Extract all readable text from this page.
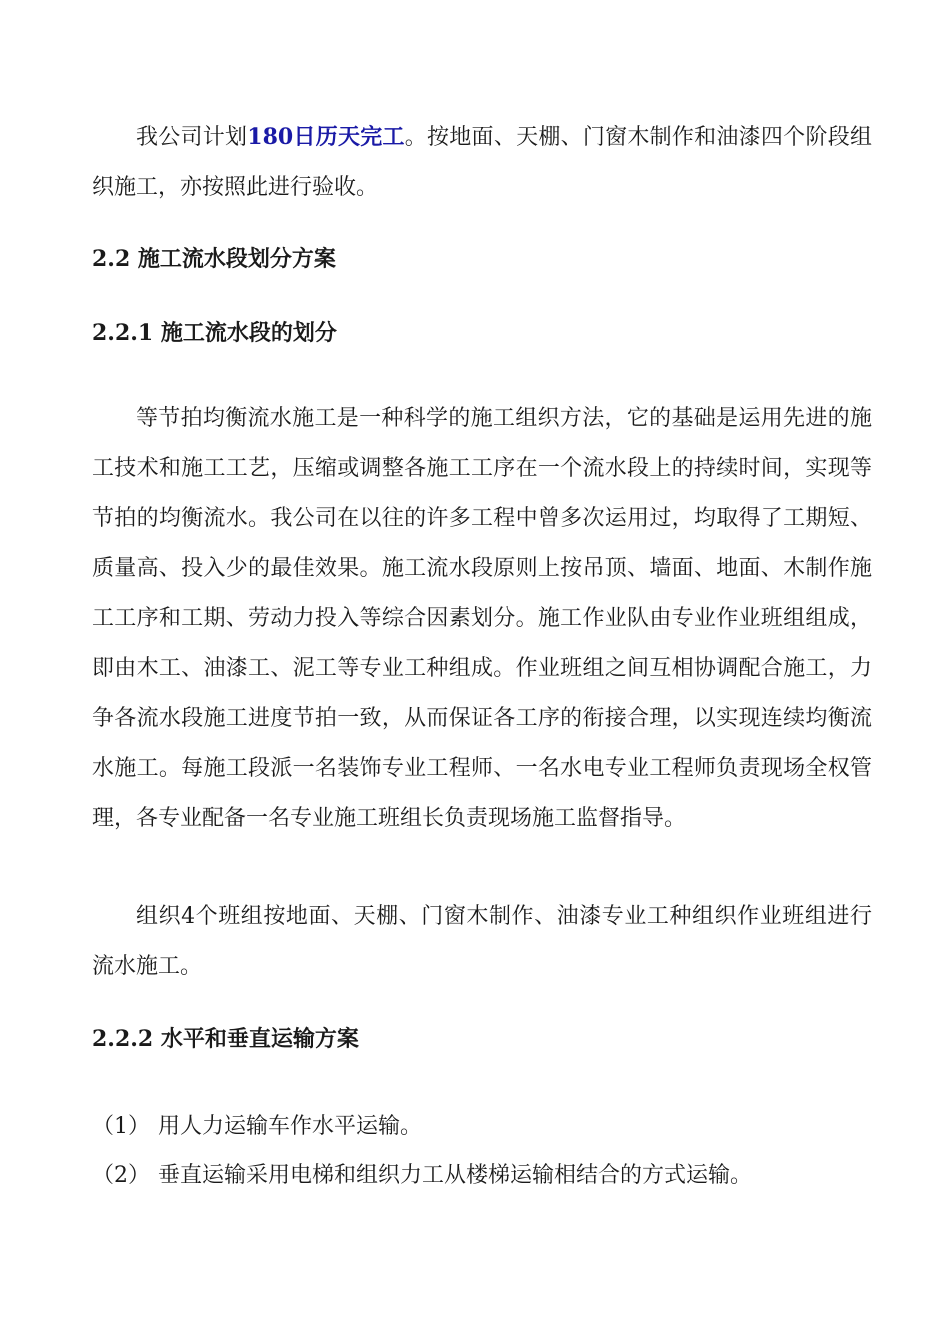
我公司计划180日历天完工。按地面、天棚、门窗木制作和油漆四个阶段组织施工，亦按照此进行验收。

2.2 施工流水段划分方案
2.2.1 施工流水段的划分

等节拍均衡流水施工是一种科学的施工组织方法，它的基础是运用先进的施工技术和施工工艺，压缩或调整各施工工序在一个流水段上的持续时间，实现等节拍的均衡流水。我公司在以往的许多工程中曾多次运用过，均取得了工期短、质量高、投入少的最佳效果。施工流水段原则上按吊顶、墙面、地面、木制作施工工序和工期、劳动力投入等综合因素划分。施工作业队由专业作业班组组成，即由木工、油漆工、泥工等专业工种组成。作业班组之间互相协调配合施工，力争各流水段施工进度节拍一致，从而保证各工序的衔接合理，以实现连续均衡流水施工。每施工段派一名装饰专业工程师、一名水电专业工程师负责现场全权管理，各专业配备一名专业施工班组长负责现场施工监督指导。

组织4个班组按地面、天棚、门窗木制作、油漆专业工种组织作业班组进行流水施工。

2.2.2 水平和垂直运输方案

（1） 用人力运输车作水平运输。

（2） 垂直运输采用电梯和组织力工从楼梯运输相结合的方式运输。
